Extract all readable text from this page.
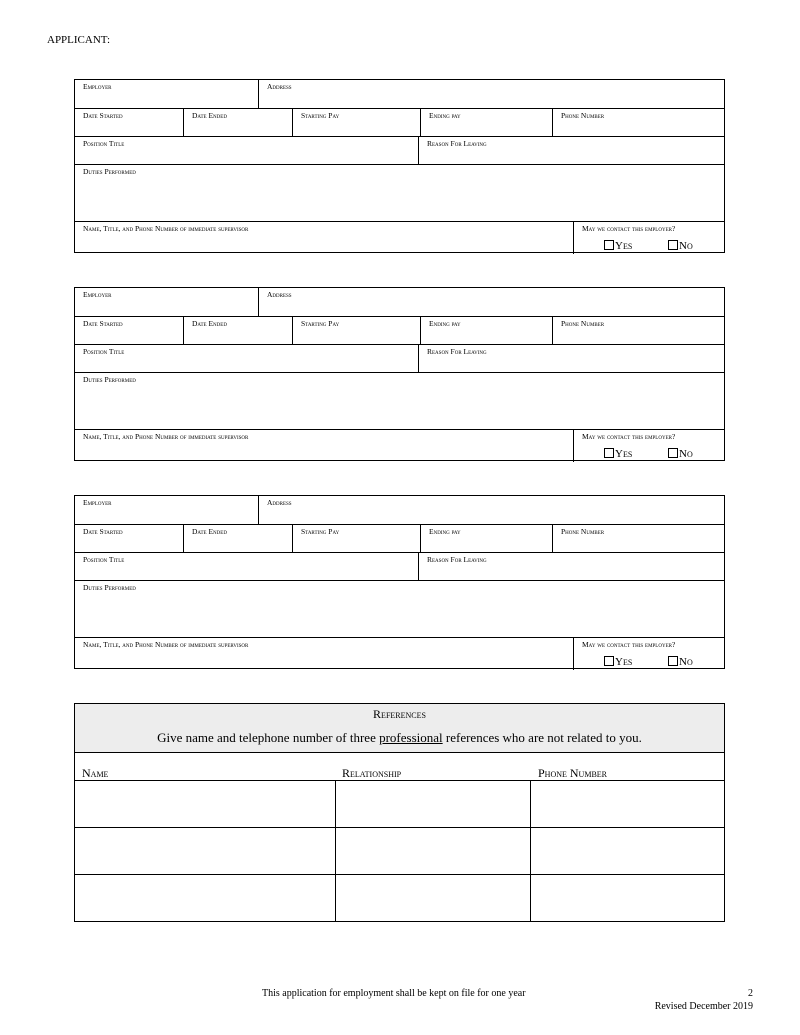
APPLICANT:
Employer	Address
Date Started	Date Ended	Starting Pay	Ending pay	Phone Number
Position Title	Reason For Leaving
Duties Performed
Name, Title, and Phone Number of immediate supervisor	May we contact this employer?
Yes	No
Employer	Address
Date Started	Date Ended	Starting Pay	Ending pay	Phone Number
Position Title	Reason For Leaving
Duties Performed
Name, Title, and Phone Number of immediate supervisor	May we contact this employer?
Yes	No
Employer	Address
Date Started	Date Ended	Starting Pay	Ending pay	Phone Number
Position Title	Reason For Leaving
Duties Performed
Name, Title, and Phone Number of immediate supervisor	May we contact this employer?
Yes	No
References
Give name and telephone number of three professional references who are not related to you.
Name	Relationship	Phone Number
This application for employment shall be kept on file for one year	2
Revised December 2019
